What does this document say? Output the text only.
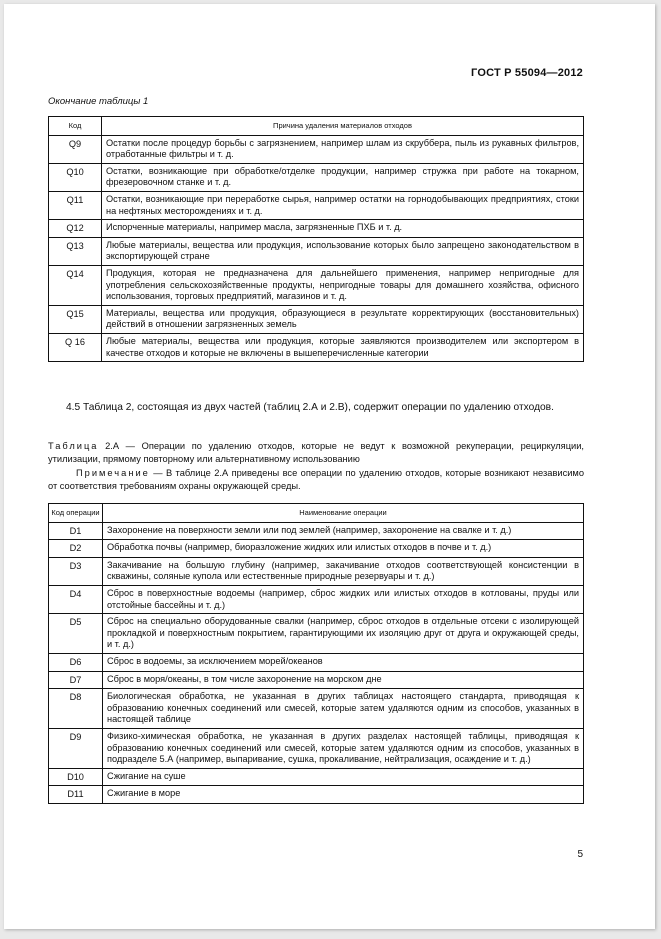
ГОСТ Р 55094—2012
Окончание таблицы 1
Код	Причина удаления материалов отходов
Q9	Остатки после процедур борьбы с загрязнением, например шлам из скруббера, пыль из рукавных фильтров, отработанные фильтры и т. д.
Q10	Остатки, возникающие при обработке/отделке продукции, например стружка при работе на токарном, фрезеровочном станке и т. д.
Q11	Остатки, возникающие при переработке сырья, например остатки на горнодобывающих предприятиях, стоки на нефтяных месторождениях и т. д.
Q12	Испорченные материалы, например масла, загрязненные ПХБ и т. д.
Q13	Любые материалы, вещества или продукция, использование которых было запрещено законодательством в экспортирующей стране
Q14	Продукция, которая не предназначена для дальнейшего применения, например непригодные для употребления сельскохозяйственные продукты, непригодные товары для домашнего хозяйства, офисного использования, торговых предприятий, магазинов и т. д.
Q15	Материалы, вещества или продукция, образующиеся в результате корректирующих (восстановительных) действий в отношении загрязненных земель
Q 16	Любые материалы, вещества или продукция, которые заявляются производителем или экспортером в качестве отходов и которые не включены в вышеперечисленные категории
4.5 Таблица 2, состоящая из двух частей (таблиц 2.А и 2.В), содержит операции по удалению отходов.
Таблица 2.А — Операции по удалению отходов, которые не ведут к возможной рекуперации, рециркуляции, утилизации, прямому повторному или альтернативному использованию
Примечание — В таблице 2.А приведены все операции по удалению отходов, которые возникают независимо от соответствия требованиям охраны окружающей среды.
Код операции	Наименование операции
D1	Захоронение на поверхности земли или под землей (например, захоронение на свалке и т. д.)
D2	Обработка почвы (например, биоразложение жидких или илистых отходов в почве и т. д.)
D3	Закачивание на большую глубину (например, закачивание отходов соответствующей консистенции в скважины, соляные купола или естественные природные резервуары и т. д.)
D4	Сброс в поверхностные водоемы (например, сброс жидких или илистых отходов в котлованы, пруды или отстойные бассейны и т. д.)
D5	Сброс на специально оборудованные свалки (например, сброс отходов в отдельные отсеки с изолирующей прокладкой и поверхностным покрытием, гарантирующими их изоляцию друг от друга и окружающей среды, и т. д.)
D6	Сброс в водоемы, за исключением морей/океанов
D7	Сброс в моря/океаны, в том числе захоронение на морском дне
D8	Биологическая обработка, не указанная в других таблицах настоящего стандарта, приводящая к образованию конечных соединений или смесей, которые затем удаляются одним из способов, указанных в настоящей таблице
D9	Физико-химическая обработка, не указанная в других разделах настоящей таблицы, приводящая к образованию конечных соединений или смесей, которые затем удаляются одним из способов, указанных в подразделе 5.А (например, выпаривание, сушка, прокаливание, нейтрализация, осаждение и т. д.)
D10	Сжигание на суше
D11	Сжигание в море
5
